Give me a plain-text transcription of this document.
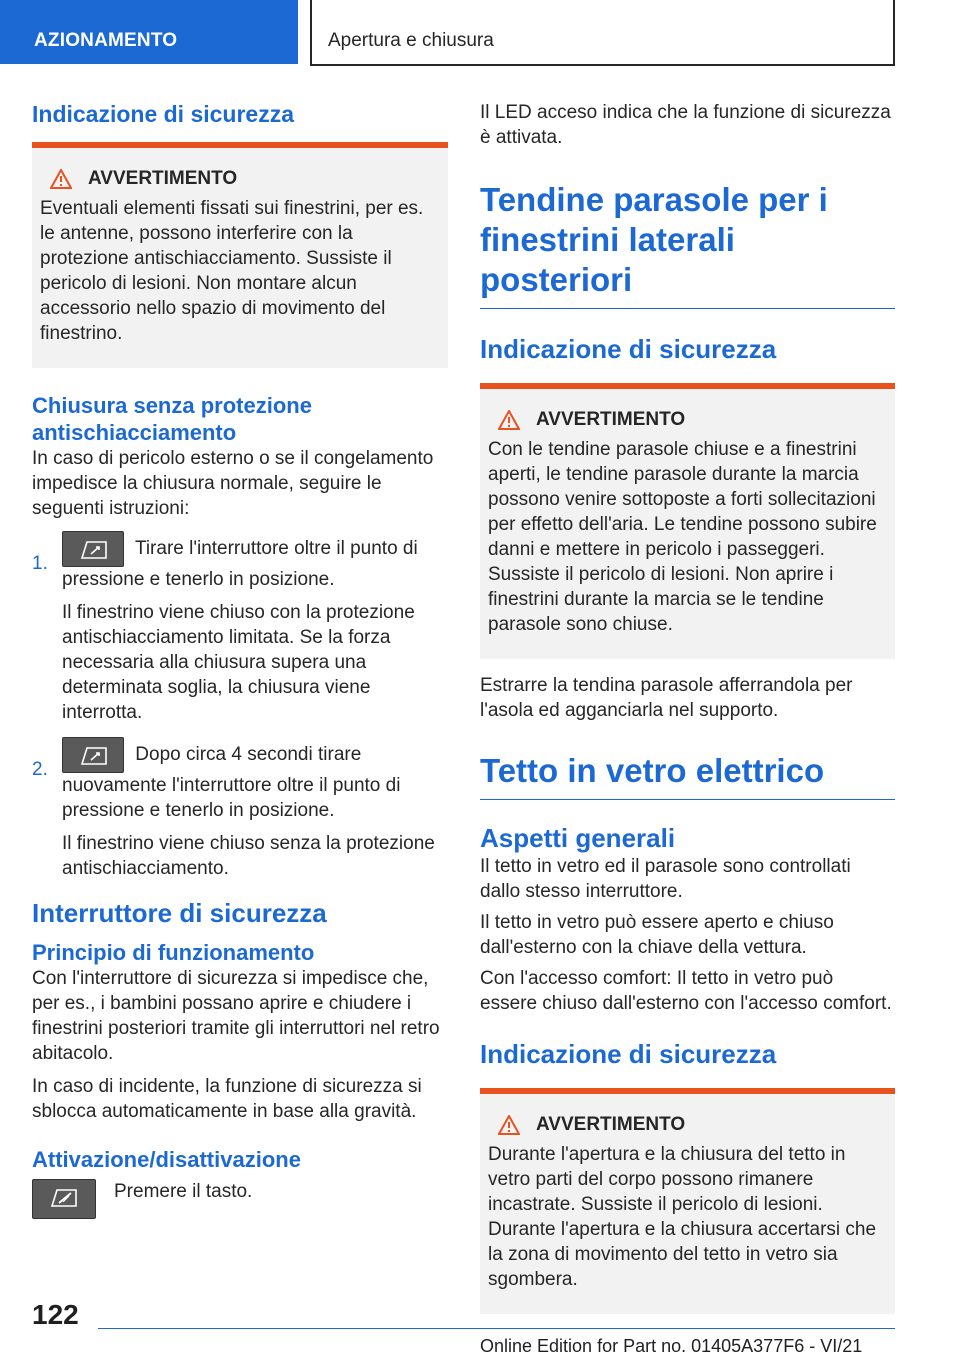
AZIONAMENTO	Apertura e chiusura
Indicazione di sicurezza
AVVERTIMENTO

Eventuali elementi fissati sui finestrini, per es. le antenne, possono interferire con la protezione antischiacciamento. Sussiste il pericolo di lesioni. Non montare alcun accessorio nello spazio di movimento del finestrino.

Chiusura senza protezione antischiacciamento

In caso di pericolo esterno o se il congelamento impedisce la chiusura normale, seguire le seguenti istruzioni:

1.

Tirare l'interruttore oltre il punto di pressione e tenerlo in posizione.

Il finestrino viene chiuso con la protezione antischiacciamento limitata. Se la forza necessaria alla chiusura supera una determinata soglia, la chiusura viene interrotta.

2.

Dopo circa 4 secondi tirare nuovamente l'interruttore oltre il punto di pressione e tenerlo in posizione.

Il finestrino viene chiuso senza la protezione antischiacciamento.

Interruttore di sicurezza
Principio di funzionamento

Con l'interruttore di sicurezza si impedisce che, per es., i bambini possano aprire e chiudere i finestrini posteriori tramite gli interruttori nel retro abitacolo.

In caso di incidente, la funzione di sicurezza si sblocca automaticamente in base alla gravità.

Attivazione/disattivazione

Premere il tasto.

Il LED acceso indica che la funzione di sicurezza è attivata.

Tendine parasole per i finestrini laterali posteriori
Indicazione di sicurezza
AVVERTIMENTO

Con le tendine parasole chiuse e a finestrini aperti, le tendine parasole durante la marcia possono venire sottoposte a forti sollecitazioni per effetto dell'aria. Le tendine possono subire danni e mettere in pericolo i passeggeri. Sussiste il pericolo di lesioni. Non aprire i finestrini durante la marcia se le tendine parasole sono chiuse.

Estrarre la tendina parasole afferrandola per l'asola ed agganciarla nel supporto.

Tetto in vetro elettrico
Aspetti generali

Il tetto in vetro ed il parasole sono controllati dallo stesso interruttore.

Il tetto in vetro può essere aperto e chiuso dall'esterno con la chiave della vettura.

Con l'accesso comfort: Il tetto in vetro può essere chiuso dall'esterno con l'accesso comfort.

Indicazione di sicurezza
AVVERTIMENTO

Durante l'apertura e la chiusura del tetto in vetro parti del corpo possono rimanere incastrate. Sussiste il pericolo di lesioni. Durante l'apertura e la chiusura accertarsi che la zona di movimento del tetto in vetro sia sgombera.

122
Online Edition for Part no. 01405A377F6 - VI/21
